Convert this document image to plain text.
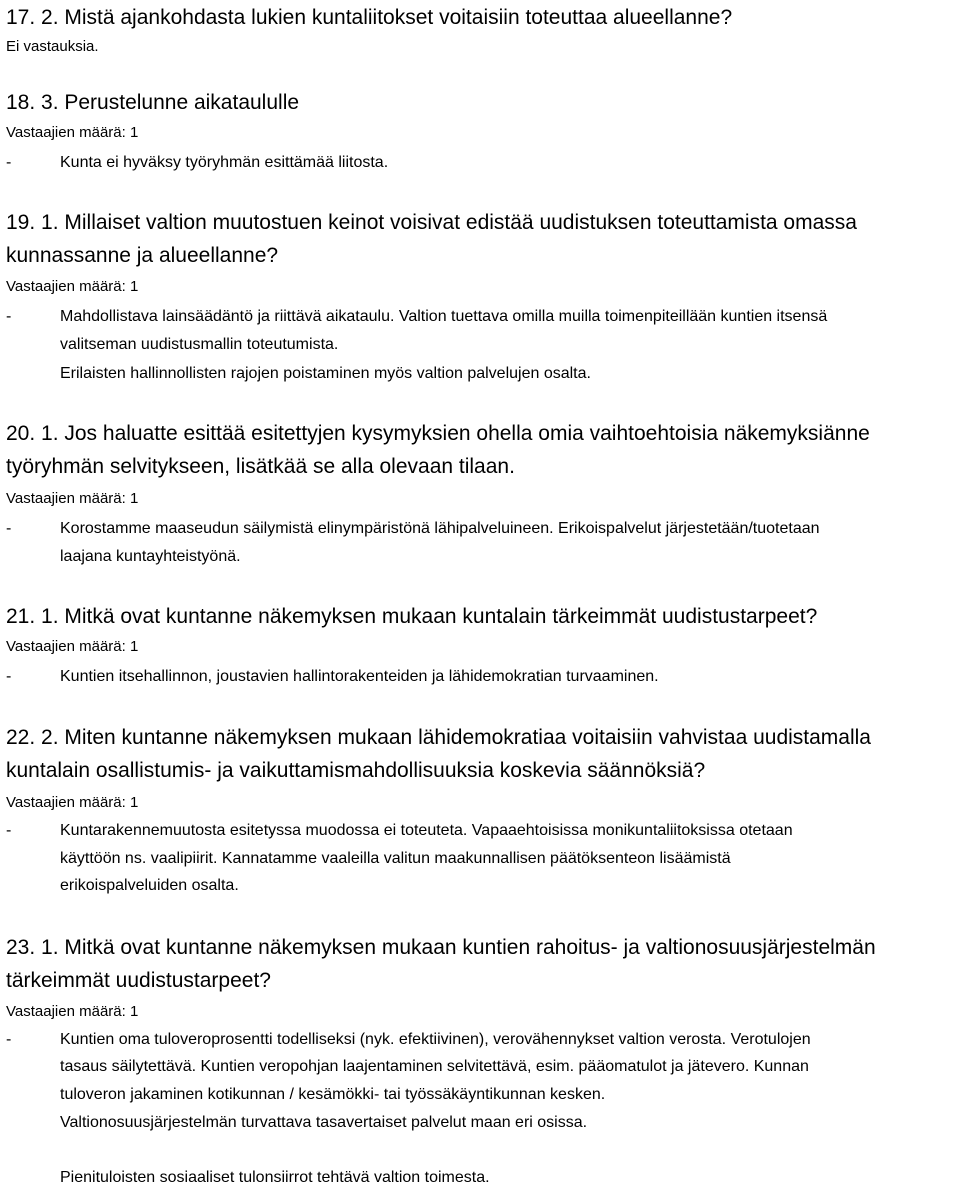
17. 2. Mistä ajankohdasta lukien kuntaliitokset voitaisiin toteuttaa alueellanne?
Ei vastauksia.
18. 3. Perustelunne aikataululle
Vastaajien määrä: 1
-	Kunta ei hyväksy työryhmän esittämää liitosta.
19. 1. Millaiset valtion muutostuen keinot voisivat edistää uudistuksen toteuttamista omassa
kunnassanne ja alueellanne?
Vastaajien määrä: 1
-	Mahdollistava lainsäädäntö ja riittävä aikataulu. Valtion tuettava omilla muilla toimenpiteillään kuntien itsensä
valitseman uudistusmallin toteutumista.
Erilaisten hallinnollisten rajojen poistaminen myös valtion palvelujen osalta.
20. 1. Jos haluatte esittää esitettyjen kysymyksien ohella omia vaihtoehtoisia näkemyksiänne
työryhmän selvitykseen, lisätkää se alla olevaan tilaan.
Vastaajien määrä: 1
-	Korostamme maaseudun säilymistä elinympäristönä lähipalveluineen. Erikoispalvelut järjestetään/tuotetaan
laajana kuntayhteistyönä.
21. 1. Mitkä ovat kuntanne näkemyksen mukaan kuntalain tärkeimmät uudistustarpeet?
Vastaajien määrä: 1
-	Kuntien itsehallinnon, joustavien hallintorakenteiden ja lähidemokratian turvaaminen.
22. 2. Miten kuntanne näkemyksen mukaan lähidemokratiaa voitaisiin vahvistaa uudistamalla
kuntalain osallistumis- ja vaikuttamismahdollisuuksia koskevia säännöksiä?
Vastaajien määrä: 1
-	Kuntarakennemuutosta esitetyssa muodossa ei toteuteta. Vapaaehtoisissa monikuntaliitoksissa otetaan
käyttöön ns. vaalipiirit. Kannatamme vaaleilla valitun maakunnallisen päätöksenteon lisäämistä
erikoispalveluiden osalta.
23. 1. Mitkä ovat kuntanne näkemyksen mukaan kuntien rahoitus- ja valtionosuusjärjestelmän
tärkeimmät uudistustarpeet?
Vastaajien määrä: 1
-	Kuntien oma tuloveroprosentti todelliseksi (nyk. efektiivinen), verovähennykset valtion verosta. Verotulojen
tasaus säilytettävä. Kuntien veropohjan laajentaminen selvitettävä, esim. pääomatulot ja jätevero. Kunnan
tuloveron jakaminen kotikunnan / kesämökki- tai työssäkäyntikunnan kesken.
Valtionosuusjärjestelmän turvattava tasavertaiset palvelut maan eri osissa.
Pienituloisten sosiaaliset tulonsiirrot tehtävä valtion toimesta.
